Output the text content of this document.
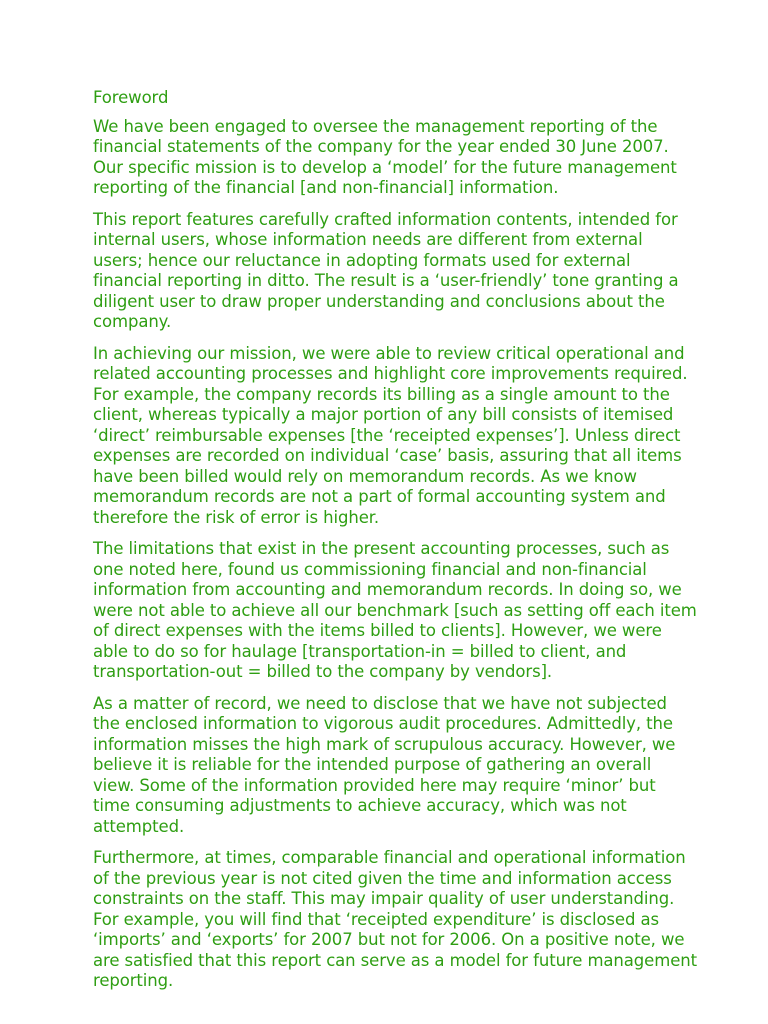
Foreword
We have been engaged to oversee the management reporting of the
financial statements of the company for the year ended 30 June 2007.
Our specific mission is to develop a ‘model’ for the future management
reporting of the financial [and non-financial] information.
This report features carefully crafted information contents, intended for
internal users, whose information needs are different from external
users; hence our reluctance in adopting formats used for external
financial reporting in ditto. The result is a ‘user-friendly’ tone granting a
diligent user to draw proper understanding and conclusions about the
company.
In achieving our mission, we were able to review critical operational and
related accounting processes and highlight core improvements required.
For example, the company records its billing as a single amount to the
client, whereas typically a major portion of any bill consists of itemised
‘direct’ reimbursable expenses [the ‘receipted expenses’]. Unless direct
expenses are recorded on individual ‘case’ basis, assuring that all items
have been billed would rely on memorandum records. As we know
memorandum records are not a part of formal accounting system and
therefore the risk of error is higher.
The limitations that exist in the present accounting processes, such as
one noted here, found us commissioning financial and non-financial
information from accounting and memorandum records. In doing so, we
were not able to achieve all our benchmark [such as setting off each item
of direct expenses with the items billed to clients]. However, we were
able to do so for haulage [transportation-in = billed to client, and
transportation-out = billed to the company by vendors].
As a matter of record, we need to disclose that we have not subjected
the enclosed information to vigorous audit procedures. Admittedly, the
information misses the high mark of scrupulous accuracy. However, we
believe it is reliable for the intended purpose of gathering an overall
view. Some of the information provided here may require ‘minor’ but
time consuming adjustments to achieve accuracy, which was not
attempted.
Furthermore, at times, comparable financial and operational information
of the previous year is not cited given the time and information access
constraints on the staff. This may impair quality of user understanding.
For example, you will find that ‘receipted expenditure’ is disclosed as
‘imports’ and ‘exports’ for 2007 but not for 2006. On a positive note, we
are satisfied that this report can serve as a model for future management
reporting.
